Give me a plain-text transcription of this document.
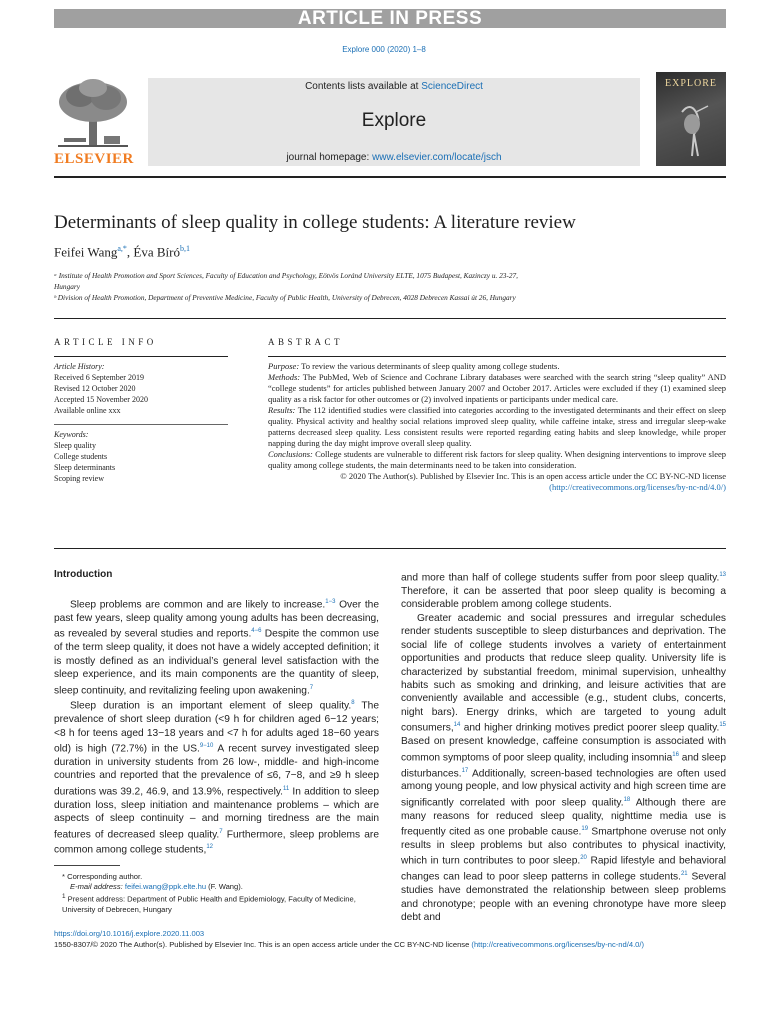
ARTICLE IN PRESS
Explore 000 (2020) 1–8
ELSEVIER
Contents lists available at ScienceDirect
Explore
journal homepage: www.elsevier.com/locate/jsch
EXPLORE
Determinants of sleep quality in college students: A literature review
Feifei Wang$^{a,*}$, Éva Bíró$^{b,1}$
ᵃ Institute of Health Promotion and Sport Sciences, Faculty of Education and Psychology, Eötvös Loránd University ELTE, 1075 Budapest, Kazinczy u. 23-27,
Hungary
ᵇ Division of Health Promotion, Department of Preventive Medicine, Faculty of Public Health, University of Debrecen, 4028 Debrecen Kassai út 26, Hungary
ARTICLE INFO
Article History:
Received 6 September 2019
Revised 12 October 2020
Accepted 15 November 2020
Available online xxx
Keywords:
Sleep quality
College students
Sleep determinants
Scoping review
ABSTRACT
Purpose: To review the various determinants of sleep quality among college students.
Methods: The PubMed, Web of Science and Cochrane Library databases were searched with the search string “sleep quality” AND “college students” for articles published between January 2007 and October 2017. Articles were excluded if they (1) examined sleep quality as a risk factor for other outcomes or (2) involved inpatients or participants under medical care.
Results: The 112 identified studies were classified into categories according to the investigated determinants and their effect on sleep quality. Physical activity and healthy social relations improved sleep quality, while caffeine intake, stress and irregular sleep-wake patterns decreased sleep quality. Less consistent results were reported regarding eating habits and sleep knowledge, while proper napping during the day might improve overall sleep quality.
Conclusions: College students are vulnerable to different risk factors for sleep quality. When designing interventions to improve sleep quality among college students, the main determinants need to be taken into consideration.
© 2020 The Author(s). Published by Elsevier Inc. This is an open access article under the CC BY-NC-ND license
(http://creativecommons.org/licenses/by-nc-nd/4.0/)
Introduction

Sleep problems are common and are likely to increase.$^{1-3}$ Over the past few years, sleep quality among young adults has been decreasing, as revealed by several studies and reports.$^{4-6}$ Despite the common use of the term sleep quality, it does not have a widely accepted definition; it is mostly defined as an individual’s general level satisfaction with the sleep experience, and its main components are the quantity of sleep, sleep continuity, and revitalizing feeling upon awakening.$^7$

Sleep duration is an important element of sleep quality.$^8$ The prevalence of short sleep duration (<9 h for children aged 6−12 years; <8 h for teens aged 13−18 years and <7 h for adults aged 18−60 years old) is high (72.7%) in the US.$^{9-10}$ A recent survey investigated sleep duration in university students from 26 low-, middle- and high-income countries and reported that the prevalence of ≤6, 7−8, and ≥9 h sleep durations was 39.2, 46.9, and 13.9%, respectively.$^{11}$ In addition to sleep duration loss, sleep initiation and maintenance problems – which are aspects of sleep continuity – and morning tiredness are the main features of decreased sleep quality.$^7$ Furthermore, sleep problems are common among college students,$^{12}$

* Corresponding author.
E-mail address: feifei.wang@ppk.elte.hu (F. Wang).
$^1$ Present address: Department of Public Health and Epidemiology, Faculty of Medicine, University of Debrecen, Hungary

and more than half of college students suffer from poor sleep quality.$^{13}$ Therefore, it can be asserted that poor sleep quality is becoming a considerable problem among college students.

Greater academic and social pressures and irregular schedules render students susceptible to sleep disturbances and deprivation. The social life of college students involves a variety of entertainment opportunities and products that reduce sleep quality. University life is characterized by substantial freedom, minimal supervision, unhealthy habits such as smoking and drinking, and leisure activities that are conveniently available and accessible (e.g., student clubs, concerts, night bars). Energy drinks, which are targeted to young adult consumers,$^{14}$ and higher drinking motives predict poorer sleep quality.$^{15}$ Based on present knowledge, caffeine consumption is associated with common symptoms of poor sleep quality, including insomnia$^{16}$ and sleep disturbances.$^{17}$ Additionally, screen-based technologies are often used among young people, and low physical activity and high screen time are significantly correlated with poor sleep quality.$^{18}$ Although there are many reasons for reduced sleep quality, nighttime media use is frequently cited as one probable cause.$^{19}$ Smartphone overuse not only results in sleep problems but also contributes to physical inactivity, which in turn contributes to poor sleep.$^{20}$ Rapid lifestyle and behavioral changes can lead to poor sleep patterns in college students.$^{21}$ Several studies have demonstrated the relationship between sleep problems and chronotype; people with an evening chronotype have more sleep debt and

https://doi.org/10.1016/j.explore.2020.11.003
1550-8307/© 2020 The Author(s). Published by Elsevier Inc. This is an open access article under the CC BY-NC-ND license (http://creativecommons.org/licenses/by-nc-nd/4.0/)
